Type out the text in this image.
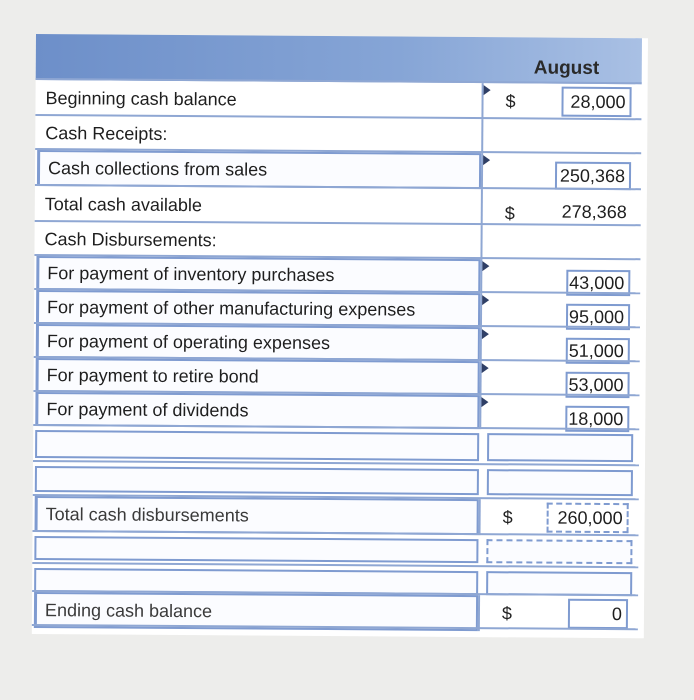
August
Beginning cash balance	$	28,000
Cash Receipts:
Cash collections from sales	250,368
Total cash available	$	278,368
Cash Disbursements:
For payment of inventory purchases	43,000
For payment of other manufacturing expenses	95,000
For payment of operating expenses	51,000
For payment to retire bond	53,000
For payment of dividends	18,000
Total cash disbursements	$	260,000
Ending cash balance	$	0
